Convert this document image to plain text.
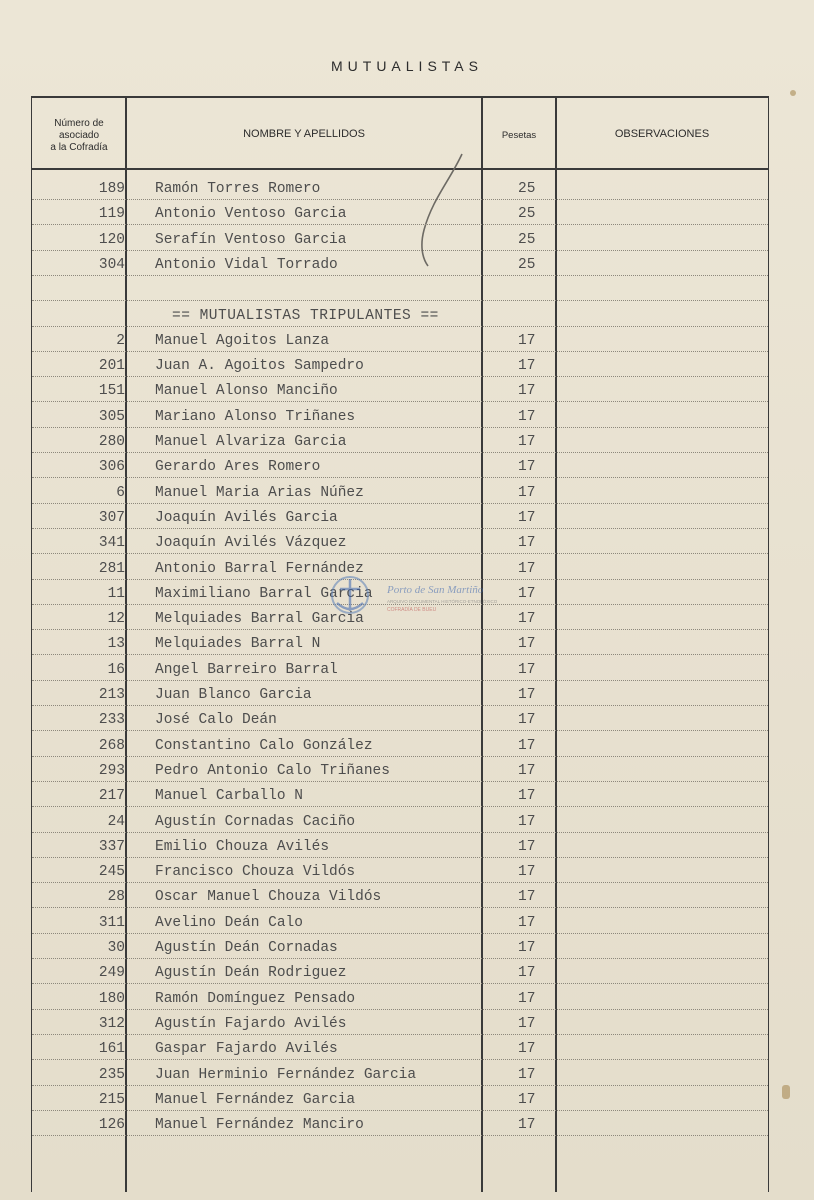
MUTUALISTAS
Número de
asociado
a la Cofradía
NOMBRE Y APELLIDOS	Pesetas	OBSERVACIONES
189 Ramón Torres Romero	25
119 Antonio Ventoso Garcia	25
120 Serafín Ventoso Garcia	25
304 Antonio Vidal Torrado	25
== MUTUALISTAS TRIPULANTES ==
2 Manuel Agoitos Lanza	17
201 Juan A. Agoitos Sampedro	17
151 Manuel Alonso Manciño	17
305 Mariano Alonso Triñanes	17
280 Manuel Alvariza Garcia	17
306 Gerardo Ares Romero	17
6 Manuel Maria Arias Núñez	17
307 Joaquín Avilés Garcia	17
341 Joaquín Avilés Vázquez	17
281 Antonio Barral Fernández	17
11 Maximiliano Barral Garcia	17
12 Melquiades Barral Garcia	17
13 Melquiades Barral N	17
16 Angel Barreiro Barral	17
213 Juan Blanco Garcia	17
233 José Calo Deán	17
268 Constantino Calo González	17
293 Pedro Antonio Calo Triñanes	17
217 Manuel Carballo N	17
24 Agustín Cornadas Caciño	17
337 Emilio Chouza Avilés	17
245 Francisco Chouza Vildós	17
28 Oscar Manuel Chouza Vildós	17
311 Avelino Deán Calo	17
30 Agustín Deán Cornadas	17
249 Agustín Deán Rodriguez	17
180 Ramón Domínguez Pensado	17
312 Agustín Fajardo Avilés	17
161 Gaspar Fajardo Avilés	17
235 Juan Herminio Fernández Garcia	17
215 Manuel Fernández Garcia	17
126 Manuel Fernández Manciro	17
Porto de San Martiño
ARQUIVO DOCUMENTAL HISTÓRICO-ETNOLÓXICO
COFRADÍA DE BUEU
